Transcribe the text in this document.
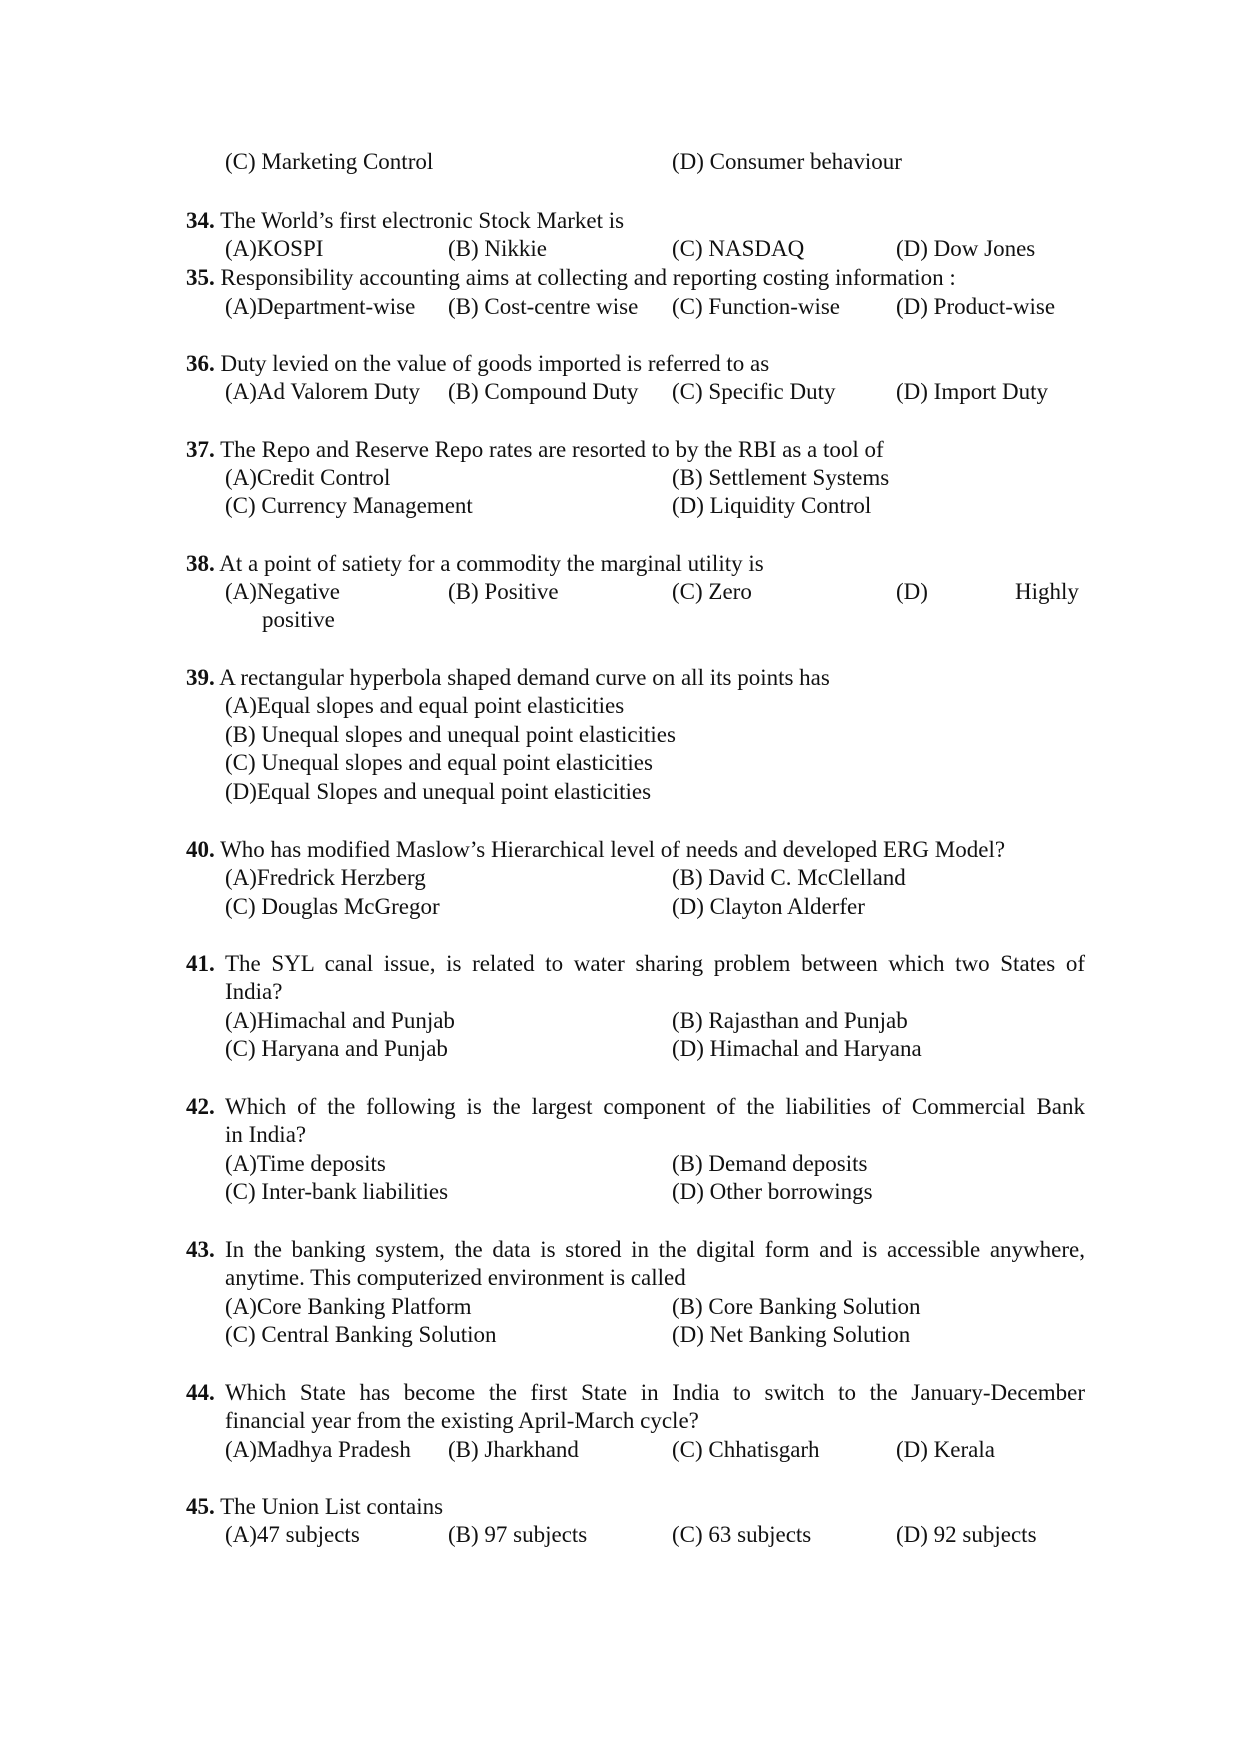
(C) Marketing Control	(D) Consumer behaviour
34. The World’s first electronic Stock Market is
(A)KOSPI	(B) Nikkie	(C) NASDAQ	(D) Dow Jones
35. Responsibility accounting aims at collecting and reporting costing information :
(A)Department-wise (B) Cost-centre wise (C) Function-wise (D) Product-wise
36. Duty levied on the value of goods imported is referred to as
(A)Ad Valorem Duty (B) Compound Duty (C) Specific Duty	(D) Import Duty
37. The Repo and Reserve Repo rates are resorted to by the RBI as a tool of
(A)Credit Control	(B) Settlement Systems
(C) Currency Management	(D) Liquidity Control
38. At a point of satiety for a commodity the marginal utility is
(A)Negative	(B) Positive	(C) Zero	(D)	Highly
positive
39. A rectangular hyperbola shaped demand curve on all its points has
(A)Equal slopes and equal point elasticities
(B) Unequal slopes and unequal point elasticities
(C) Unequal slopes and equal point elasticities
(D)Equal Slopes and unequal point elasticities
40. Who has modified Maslow’s Hierarchical level of needs and developed ERG Model?
(A)Fredrick Herzberg	(B) David C. McClelland
(C) Douglas McGregor	(D) Clayton Alderfer
41. The SYL canal issue, is related to water sharing problem between which two States of
India?
(A)Himachal and Punjab	(B) Rajasthan and Punjab
(C) Haryana and Punjab	(D) Himachal and Haryana
42. Which of the following is the largest component of the liabilities of Commercial Bank
in India?
(A)Time deposits	(B) Demand deposits
(C) Inter-bank liabilities	(D) Other borrowings
43. In the banking system, the data is stored in the digital form and is accessible anywhere,
anytime. This computerized environment is called
(A)Core Banking Platform	(B) Core Banking Solution
(C) Central Banking Solution	(D) Net Banking Solution
44. Which State has become the first State in India to switch to the January-December
financial year from the existing April-March cycle?
(A)Madhya Pradesh (B) Jharkhand	(C) Chhatisgarh	(D) Kerala
45. The Union List contains
(A)47 subjects	(B) 97 subjects	(C) 63 subjects	(D) 92 subjects
